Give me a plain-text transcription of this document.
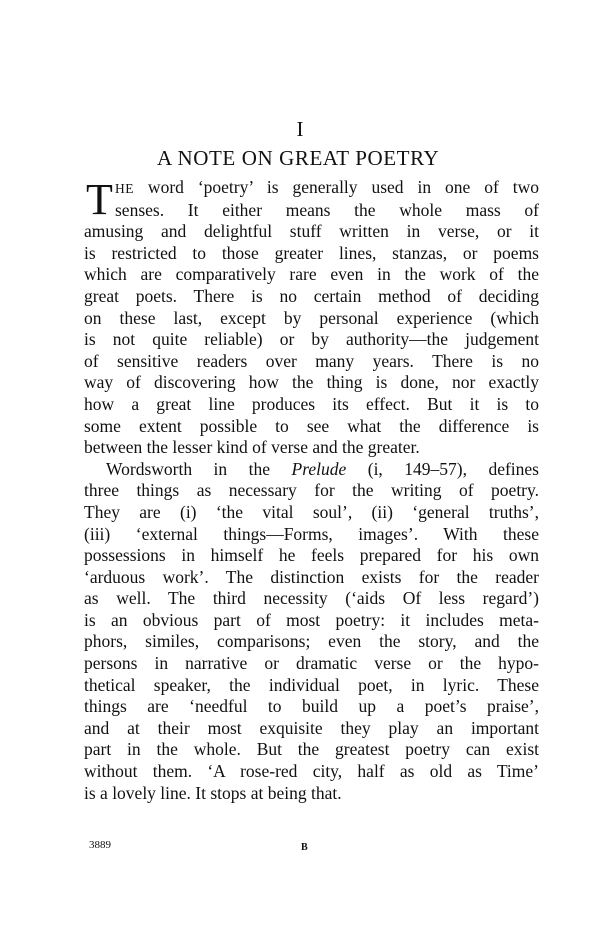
I
A NOTE ON GREAT POETRY
T HE word ‘poetry’ is generally used in one of two
senses. It either means the whole mass of
amusing and delightful stuff written in verse, or it
is restricted to those greater lines, stanzas, or poems
which are comparatively rare even in the work of the
great poets. There is no certain method of deciding
on these last, except by personal experience (which
is not quite reliable) or by authority—the judgement
of sensitive readers over many years. There is no
way of discovering how the thing is done, nor exactly
how a great line produces its effect. But it is to
some extent possible to see what the difference is
between the lesser kind of verse and the greater.
Wordsworth in the Prelude (i, 149–57), defines
three things as necessary for the writing of poetry.
They are (i) ‘the vital soul’, (ii) ‘general truths’,
(iii) ‘external things—Forms, images’. With these
possessions in himself he feels prepared for his own
‘arduous work’. The distinction exists for the reader
as well. The third necessity (‘aids Of less regard’)
is an obvious part of most poetry: it includes meta-
phors, similes, comparisons; even the story, and the
persons in narrative or dramatic verse or the hypo-
thetical speaker, the individual poet, in lyric. These
things are ‘needful to build up a poet’s praise’,
and at their most exquisite they play an important
part in the whole. But the greatest poetry can exist
without them. ‘A rose-red city, half as old as Time’
is a lovely line. It stops at being that.
3889	B
